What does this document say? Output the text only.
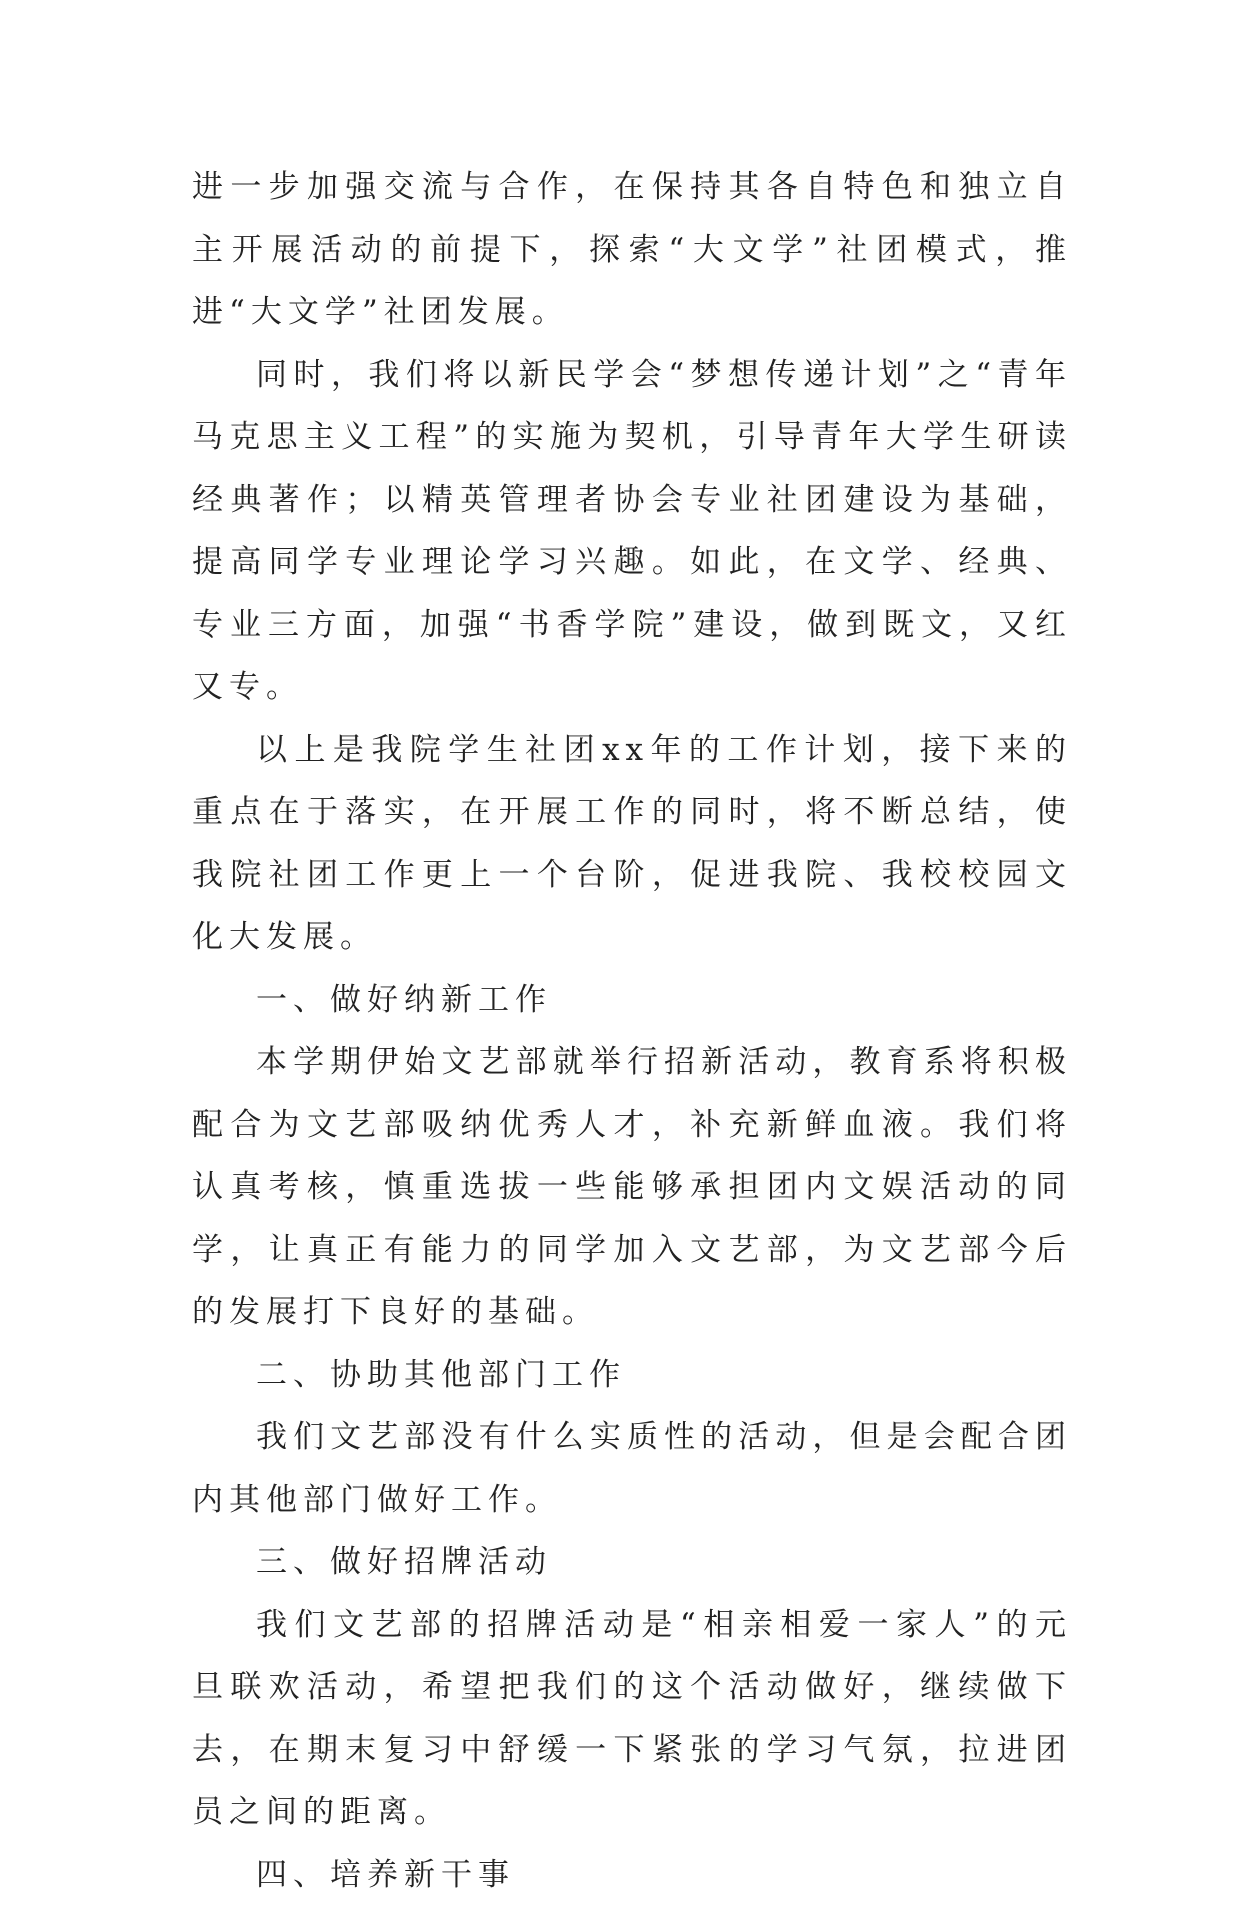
进一步加强交流与合作，在保持其各自特色和独立自主开展活动的前提下，探索“大文学”社团模式，推进“大文学”社团发展。

同时，我们将以新民学会“梦想传递计划”之“青年马克思主义工程”的实施为契机，引导青年大学生研读经典著作；以精英管理者协会专业社团建设为基础，提高同学专业理论学习兴趣。如此，在文学、经典、专业三方面，加强“书香学院”建设，做到既文，又红又专。

以上是我院学生社团xx年的工作计划，接下来的重点在于落实，在开展工作的同时，将不断总结，使我院社团工作更上一个台阶，促进我院、我校校园文化大发展。

一、做好纳新工作

本学期伊始文艺部就举行招新活动，教育系将积极配合为文艺部吸纳优秀人才，补充新鲜血液。我们将认真考核，慎重选拔一些能够承担团内文娱活动的同学，让真正有能力的同学加入文艺部，为文艺部今后的发展打下良好的基础。

二、协助其他部门工作

我们文艺部没有什么实质性的活动，但是会配合团内其他部门做好工作。

三、做好招牌活动

我们文艺部的招牌活动是“相亲相爱一家人”的元旦联欢活动，希望把我们的这个活动做好，继续做下去，在期末复习中舒缓一下紧张的学习气氛，拉进团员之间的距离。

四、培养新干事
